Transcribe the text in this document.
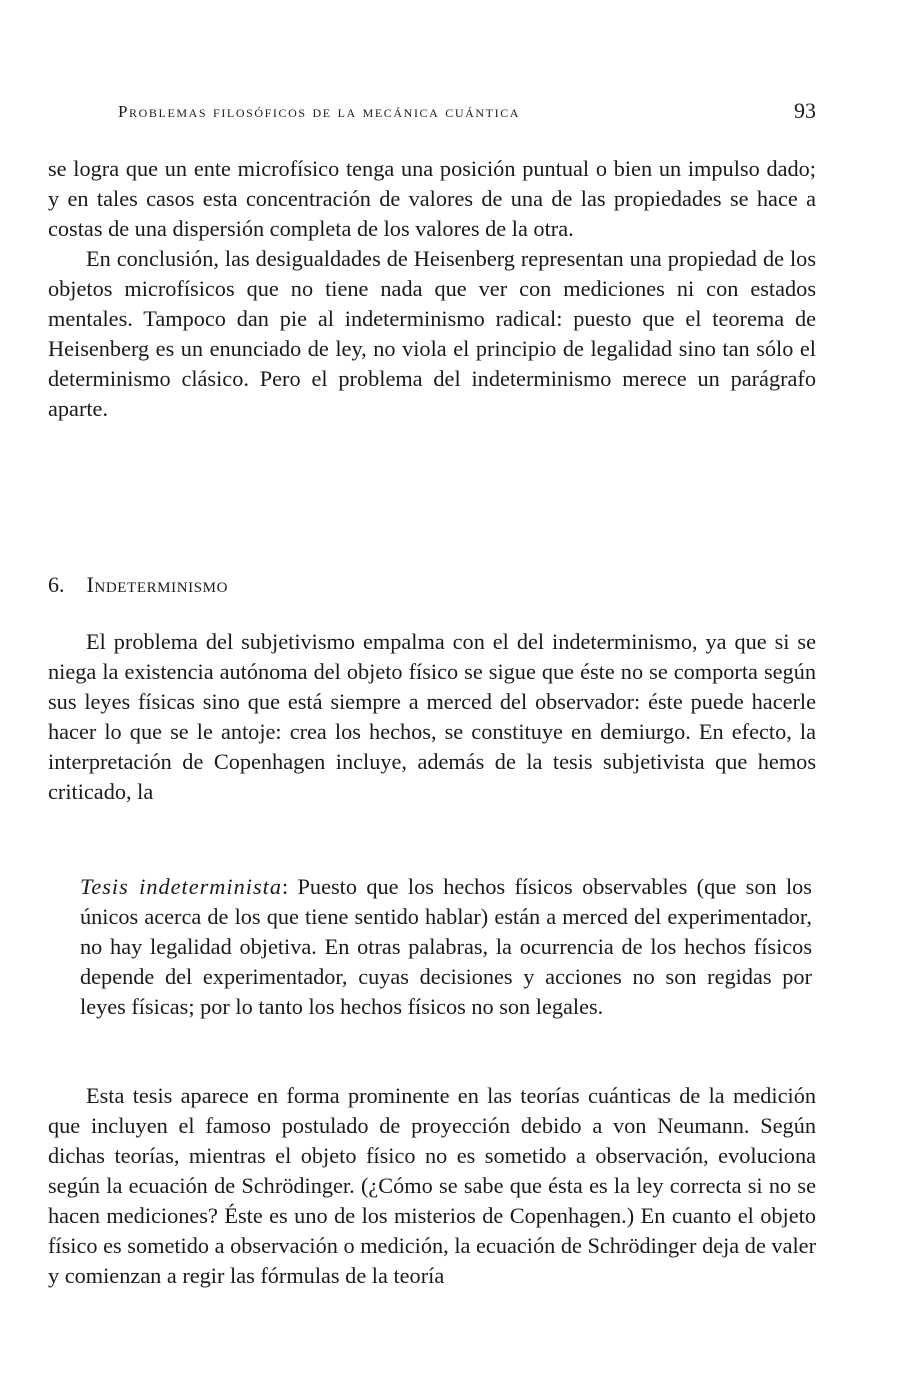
Problemas filosóficos de la mecánica cuántica	93

se logra que un ente microfísico tenga una posición puntual o bien un impulso dado; y en tales casos esta concentración de valores de una de las propiedades se hace a costas de una dispersión completa de los valores de la otra.

En conclusión, las desigualdades de Heisenberg representan una propiedad de los objetos microfísicos que no tiene nada que ver con mediciones ni con estados mentales. Tampoco dan pie al indeterminismo radical: puesto que el teorema de Heisenberg es un enunciado de ley, no viola el principio de legalidad sino tan sólo el determinismo clásico. Pero el problema del indeterminismo merece un parágrafo aparte.

6. Indeterminismo

El problema del subjetivismo empalma con el del indeterminismo, ya que si se niega la existencia autónoma del objeto físico se sigue que éste no se comporta según sus leyes físicas sino que está siempre a merced del observador: éste puede hacerle hacer lo que se le antoje: crea los hechos, se constituye en demiurgo. En efecto, la interpretación de Copenhagen incluye, además de la tesis subjetivista que hemos criticado, la

Tesis indeterminista: Puesto que los hechos físicos observables (que son los únicos acerca de los que tiene sentido hablar) están a merced del experimentador, no hay legalidad objetiva. En otras palabras, la ocurrencia de los hechos físicos depende del experimentador, cuyas decisiones y acciones no son regidas por leyes físicas; por lo tanto los hechos físicos no son legales.

Esta tesis aparece en forma prominente en las teorías cuánticas de la medición que incluyen el famoso postulado de proyección debido a von Neumann. Según dichas teorías, mientras el objeto físico no es sometido a observación, evoluciona según la ecuación de Schrödinger. (¿Cómo se sabe que ésta es la ley correcta si no se hacen mediciones? Éste es uno de los misterios de Copenhagen.) En cuanto el objeto físico es sometido a observación o medición, la ecuación de Schrödinger deja de valer y comienzan a regir las fórmulas de la teoría
